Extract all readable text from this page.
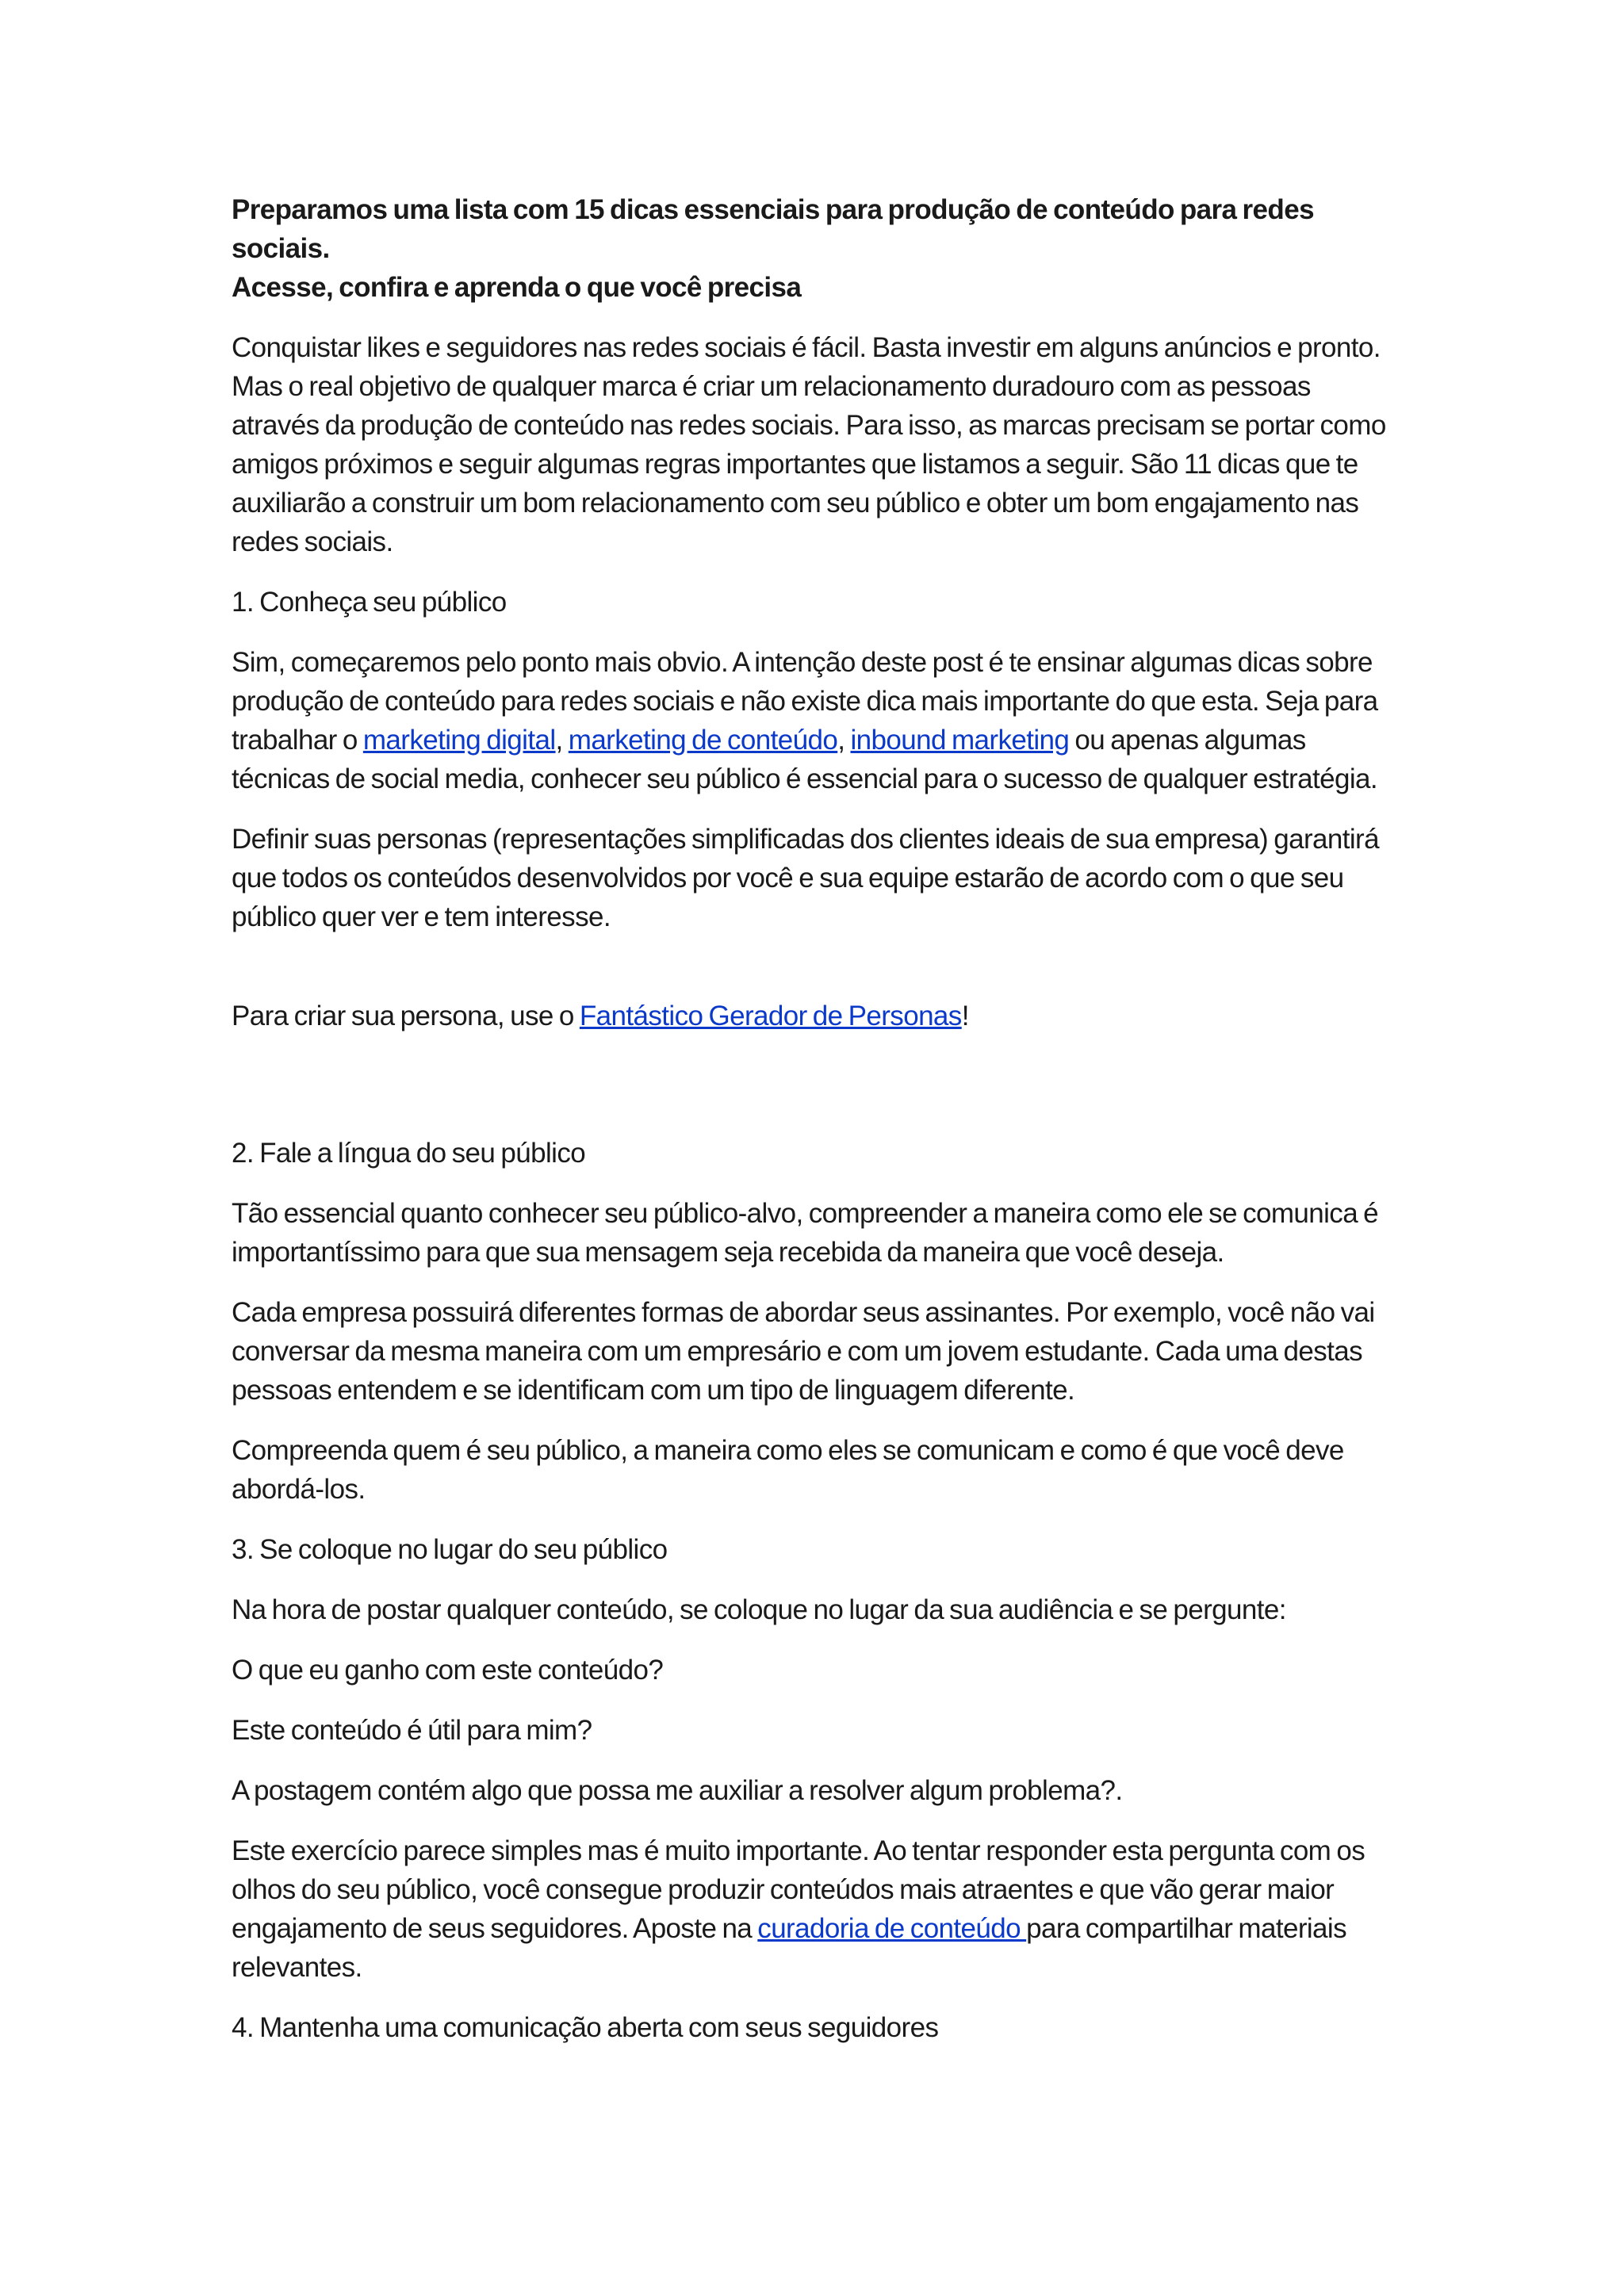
Preparamos uma lista com 15 dicas essenciais para produção de conteúdo para redes sociais.
Acesse, confira e aprenda o que você precisa

Conquistar likes e seguidores nas redes sociais é fácil. Basta investir em alguns anúncios e pronto. Mas o real objetivo de qualquer marca é criar um relacionamento duradouro com as pessoas através da produção de conteúdo nas redes sociais. Para isso, as marcas precisam se portar como amigos próximos e seguir algumas regras importantes que listamos a seguir. São 11 dicas que te auxiliarão a construir um bom relacionamento com seu público e obter um bom engajamento nas redes sociais.

1. Conheça seu público

Sim, começaremos pelo ponto mais obvio. A intenção deste post é te ensinar algumas dicas sobre produção de conteúdo para redes sociais e não existe dica mais importante do que esta. Seja para trabalhar o marketing digital, marketing de conteúdo, inbound marketing ou apenas algumas técnicas de social media, conhecer seu público é essencial para o sucesso de qualquer estratégia.

Definir suas personas (representações simplificadas dos clientes ideais de sua empresa) garantirá que todos os conteúdos desenvolvidos por você e sua equipe estarão de acordo com o que seu público quer ver e tem interesse.

Para criar sua persona, use o Fantástico Gerador de Personas!

2. Fale a língua do seu público

Tão essencial quanto conhecer seu público-alvo, compreender a maneira como ele se comunica é importantíssimo para que sua mensagem seja recebida da maneira que você deseja.

Cada empresa possuirá diferentes formas de abordar seus assinantes. Por exemplo, você não vai conversar da mesma maneira com um empresário e com um jovem estudante. Cada uma destas pessoas entendem e se identificam com um tipo de linguagem diferente.

Compreenda quem é seu público, a maneira como eles se comunicam e como é que você deve abordá-los.

3. Se coloque no lugar do seu público

Na hora de postar qualquer conteúdo, se coloque no lugar da sua audiência e se pergunte:

O que eu ganho com este conteúdo?

Este conteúdo é útil para mim?

A postagem contém algo que possa me auxiliar a resolver algum problema?.

Este exercício parece simples mas é muito importante. Ao tentar responder esta pergunta com os olhos do seu público, você consegue produzir conteúdos mais atraentes e que vão gerar maior engajamento de seus seguidores. Aposte na curadoria de conteúdo para compartilhar materiais relevantes.

4. Mantenha uma comunicação aberta com seus seguidores
